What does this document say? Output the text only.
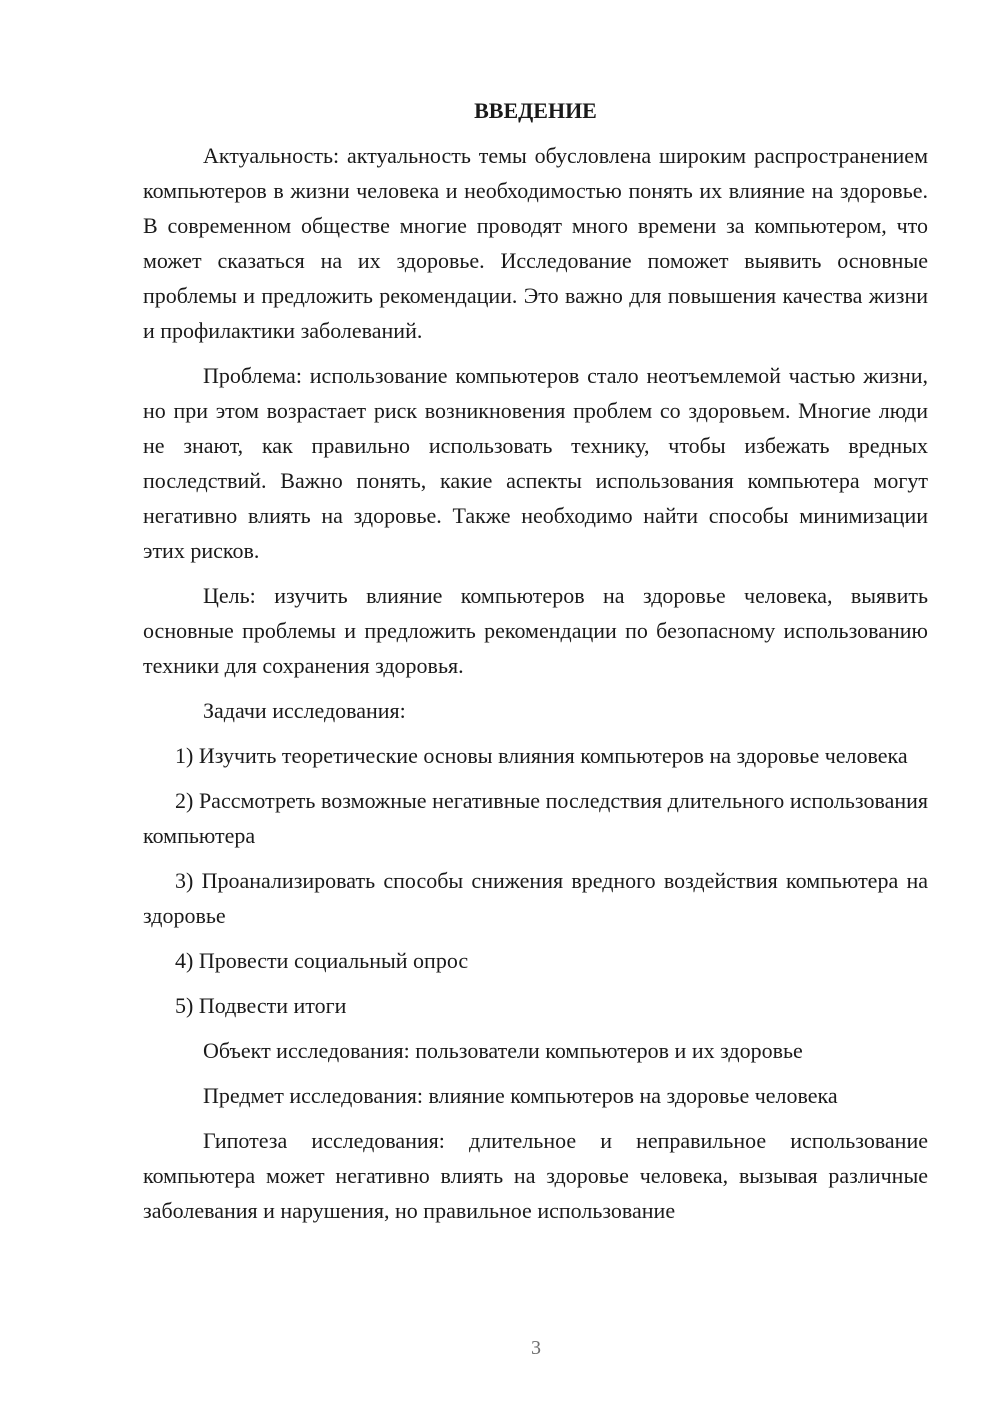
ВВЕДЕНИЕ

Актуальность: актуальность темы обусловлена широким распространением компьютеров в жизни человека и необходимостью понять их влияние на здоровье. В современном обществе многие проводят много времени за компьютером, что может сказаться на их здоровье. Исследование поможет выявить основные проблемы и предложить рекомендации. Это важно для повышения качества жизни и профилактики заболеваний.

Проблема: использование компьютеров стало неотъемлемой частью жизни, но при этом возрастает риск возникновения проблем со здоровьем. Многие люди не знают, как правильно использовать технику, чтобы избежать вредных последствий. Важно понять, какие аспекты использования компьютера могут негативно влиять на здоровье. Также необходимо найти способы минимизации этих рисков.

Цель: изучить влияние компьютеров на здоровье человека, выявить основные проблемы и предложить рекомендации по безопасному использованию техники для сохранения здоровья.

Задачи исследования:

1) Изучить теоретические основы влияния компьютеров на здоровье человека

2) Рассмотреть возможные негативные последствия длительного использования компьютера

3) Проанализировать способы снижения вредного воздействия компьютера на здоровье

4) Провести социальный опрос

5) Подвести итоги

Объект исследования: пользователи компьютеров и их здоровье

Предмет исследования: влияние компьютеров на здоровье человека

Гипотеза исследования: длительное и неправильное использование компьютера может негативно влиять на здоровье человека, вызывая различные заболевания и нарушения, но правильное использование

3
